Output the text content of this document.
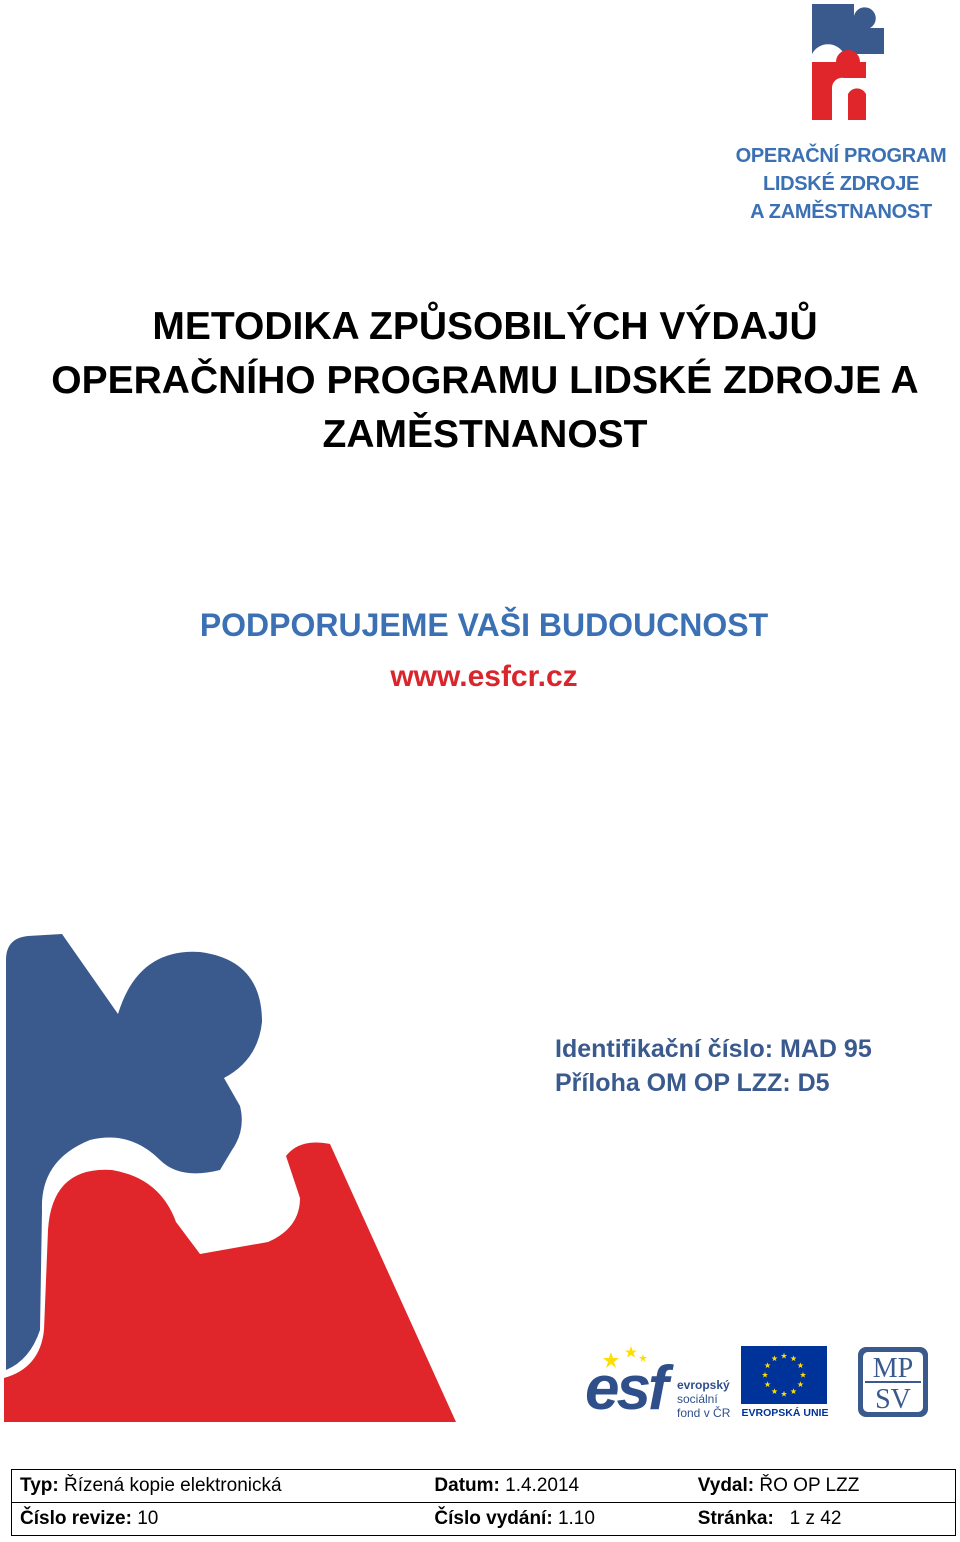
OPERAČNÍ PROGRAM
LIDSKÉ ZDROJE
A ZAMĚSTNANOST
METODIKA ZPŮSOBILÝCH VÝDAJŮ
OPERAČNÍHO PROGRAMU LIDSKÉ ZDROJE A
ZAMĚSTNANOST
PODPORUJEME VAŠI BUDOUCNOST
www.esfcr.cz
Identifikační číslo: MAD 95
Příloha OM OP LZZ: D5
esf evropský
sociální
fond v ČR	EVROPSKÁ UNIE
MP
SV
Typ: Řízená kopie elektronická	Datum: 1.4.2014	Vydal: ŘO OP LZZ
Číslo revize: 10	Číslo vydání: 1.10	Stránka: 1 z 42
